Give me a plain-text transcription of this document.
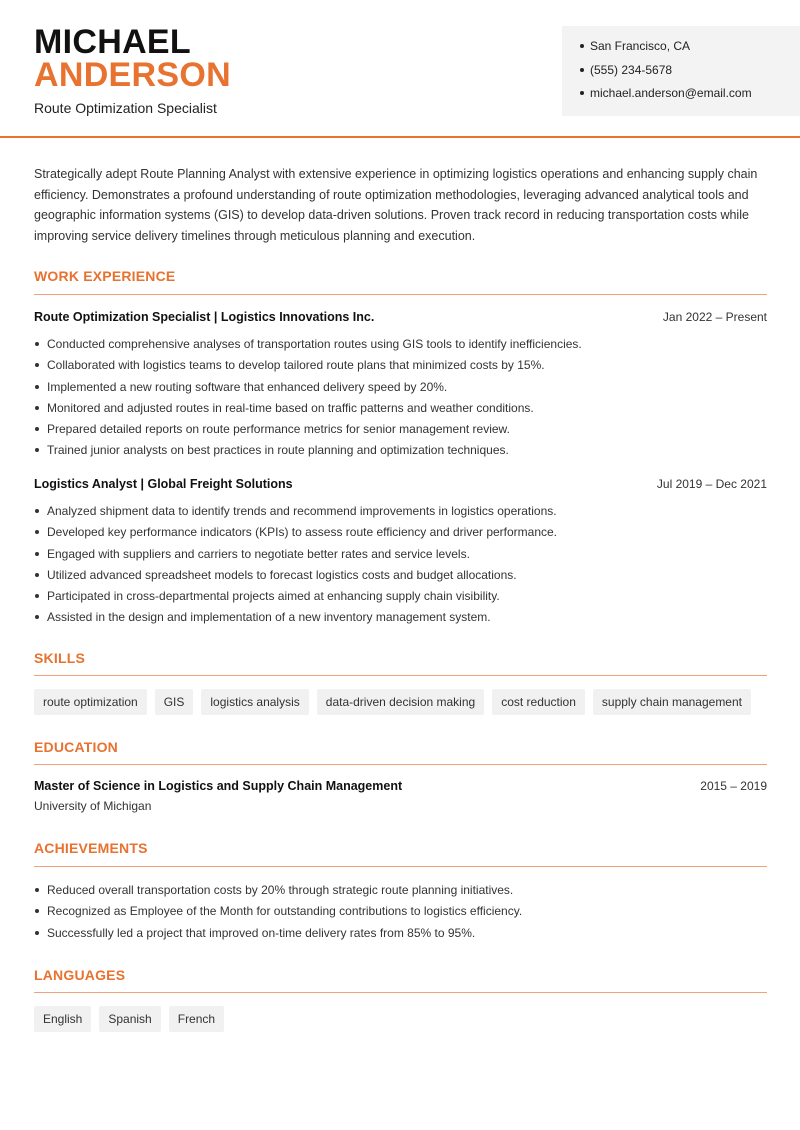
MICHAEL
ANDERSON
Route Optimization Specialist
San Francisco, CA
(555) 234-5678
michael.anderson@email.com
Strategically adept Route Planning Analyst with extensive experience in optimizing logistics operations and enhancing supply chain efficiency. Demonstrates a profound understanding of route optimization methodologies, leveraging advanced analytical tools and geographic information systems (GIS) to develop data-driven solutions. Proven track record in reducing transportation costs while improving service delivery timelines through meticulous planning and execution.
WORK EXPERIENCE
Route Optimization Specialist | Logistics Innovations Inc.	Jan 2022 – Present
Conducted comprehensive analyses of transportation routes using GIS tools to identify inefficiencies.
Collaborated with logistics teams to develop tailored route plans that minimized costs by 15%.
Implemented a new routing software that enhanced delivery speed by 20%.
Monitored and adjusted routes in real-time based on traffic patterns and weather conditions.
Prepared detailed reports on route performance metrics for senior management review.
Trained junior analysts on best practices in route planning and optimization techniques.
Logistics Analyst | Global Freight Solutions	Jul 2019 – Dec 2021
Analyzed shipment data to identify trends and recommend improvements in logistics operations.
Developed key performance indicators (KPIs) to assess route efficiency and driver performance.
Engaged with suppliers and carriers to negotiate better rates and service levels.
Utilized advanced spreadsheet models to forecast logistics costs and budget allocations.
Participated in cross-departmental projects aimed at enhancing supply chain visibility.
Assisted in the design and implementation of a new inventory management system.
SKILLS
route optimization	GIS	logistics analysis	data-driven decision making	cost reduction	supply chain management
EDUCATION
Master of Science in Logistics and Supply Chain Management	2015 – 2019
University of Michigan
ACHIEVEMENTS
Reduced overall transportation costs by 20% through strategic route planning initiatives.
Recognized as Employee of the Month for outstanding contributions to logistics efficiency.
Successfully led a project that improved on-time delivery rates from 85% to 95%.
LANGUAGES
English	Spanish	French
